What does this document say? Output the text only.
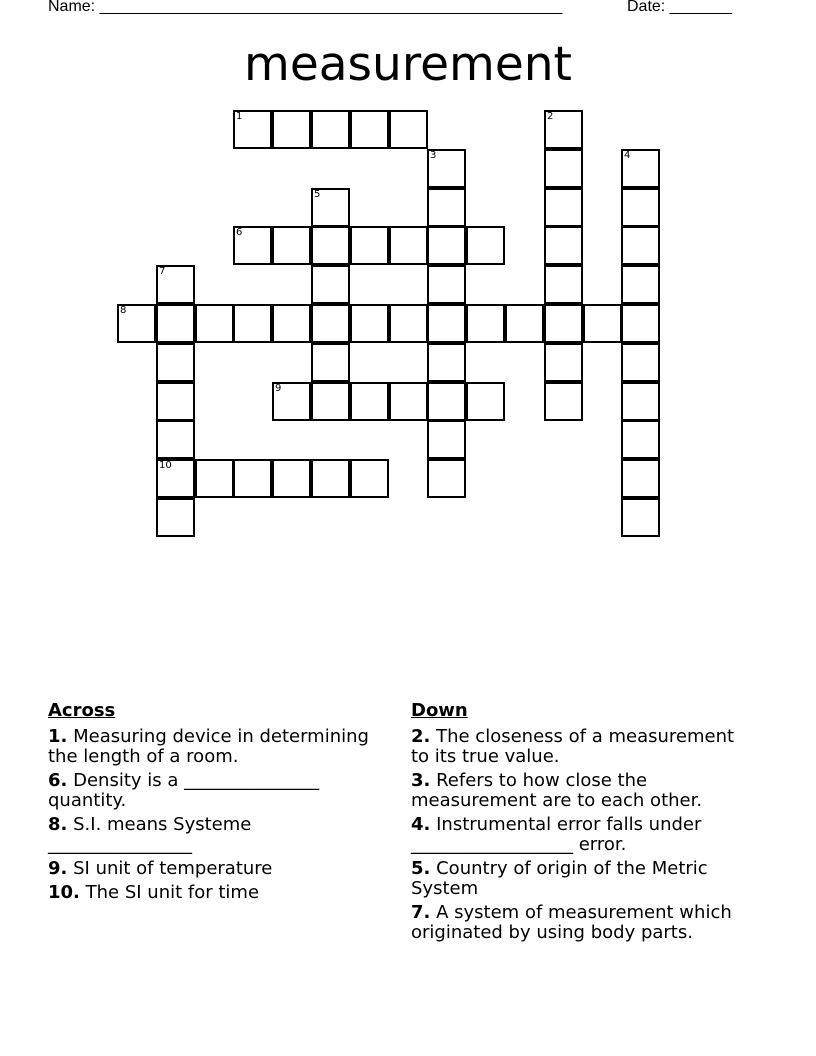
Name: ____________________________________________________	Date: _______
measurement
1	2
3	4
5
6
7
10
8
9
Across
1. Measuring device in determining the length of a room.
6. Density is a _______________ quantity.
8. S.I. means Systeme ________________
9. SI unit of temperature
10. The SI unit for time
Down
2. The closeness of a measurement to its true value.
3. Refers to how close the measurement are to each other.
4. Instrumental error falls under __________________ error.
5. Country of origin of the Metric System
7. A system of measurement which originated by using body parts.
